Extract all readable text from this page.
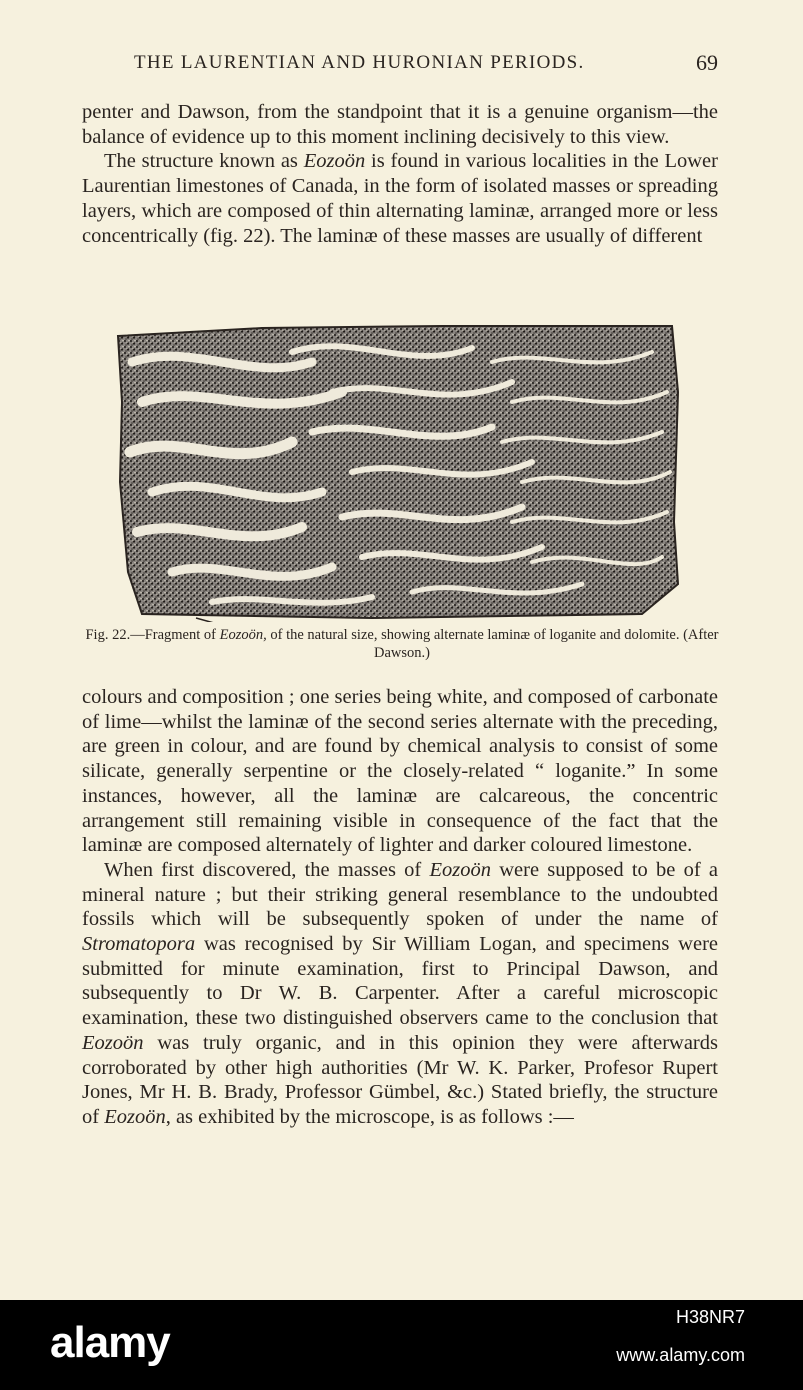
THE LAURENTIAN AND HURONIAN PERIODS.	69

penter and Dawson, from the standpoint that it is a genuine organism—the balance of evidence up to this moment inclining decisively to this view.

The structure known as Eozoön is found in various localities in the Lower Laurentian limestones of Canada, in the form of isolated masses or spreading layers, which are composed of thin alternating laminæ, arranged more or less concentrically (fig. 22). The laminæ of these masses are usually of different

Fig. 22.—Fragment of Eozoön, of the natural size, showing alternate laminæ of loganite and dolomite. (After Dawson.)

colours and composition ; one series being white, and composed of carbonate of lime—whilst the laminæ of the second series alternate with the preceding, are green in colour, and are found by chemical analysis to consist of some silicate, generally serpentine or the closely-related “ loganite.” In some instances, however, all the laminæ are calcareous, the concentric arrangement still remaining visible in consequence of the fact that the laminæ are composed alternately of lighter and darker coloured limestone.

When first discovered, the masses of Eozoön were supposed to be of a mineral nature ; but their striking general resemblance to the undoubted fossils which will be subsequently spoken of under the name of Stromatopora was recognised by Sir William Logan, and specimens were submitted for minute examination, first to Principal Dawson, and subsequently to Dr W. B. Carpenter. After a careful microscopic examination, these two distinguished observers came to the conclusion that Eozoön was truly organic, and in this opinion they were afterwards corroborated by other high authorities (Mr W. K. Parker, Profesor Rupert Jones, Mr H. B. Brady, Professor Gümbel, &c.) Stated briefly, the structure of Eozoön, as exhibited by the microscope, is as follows :—

alamy
H38NR7
www.alamy.com
